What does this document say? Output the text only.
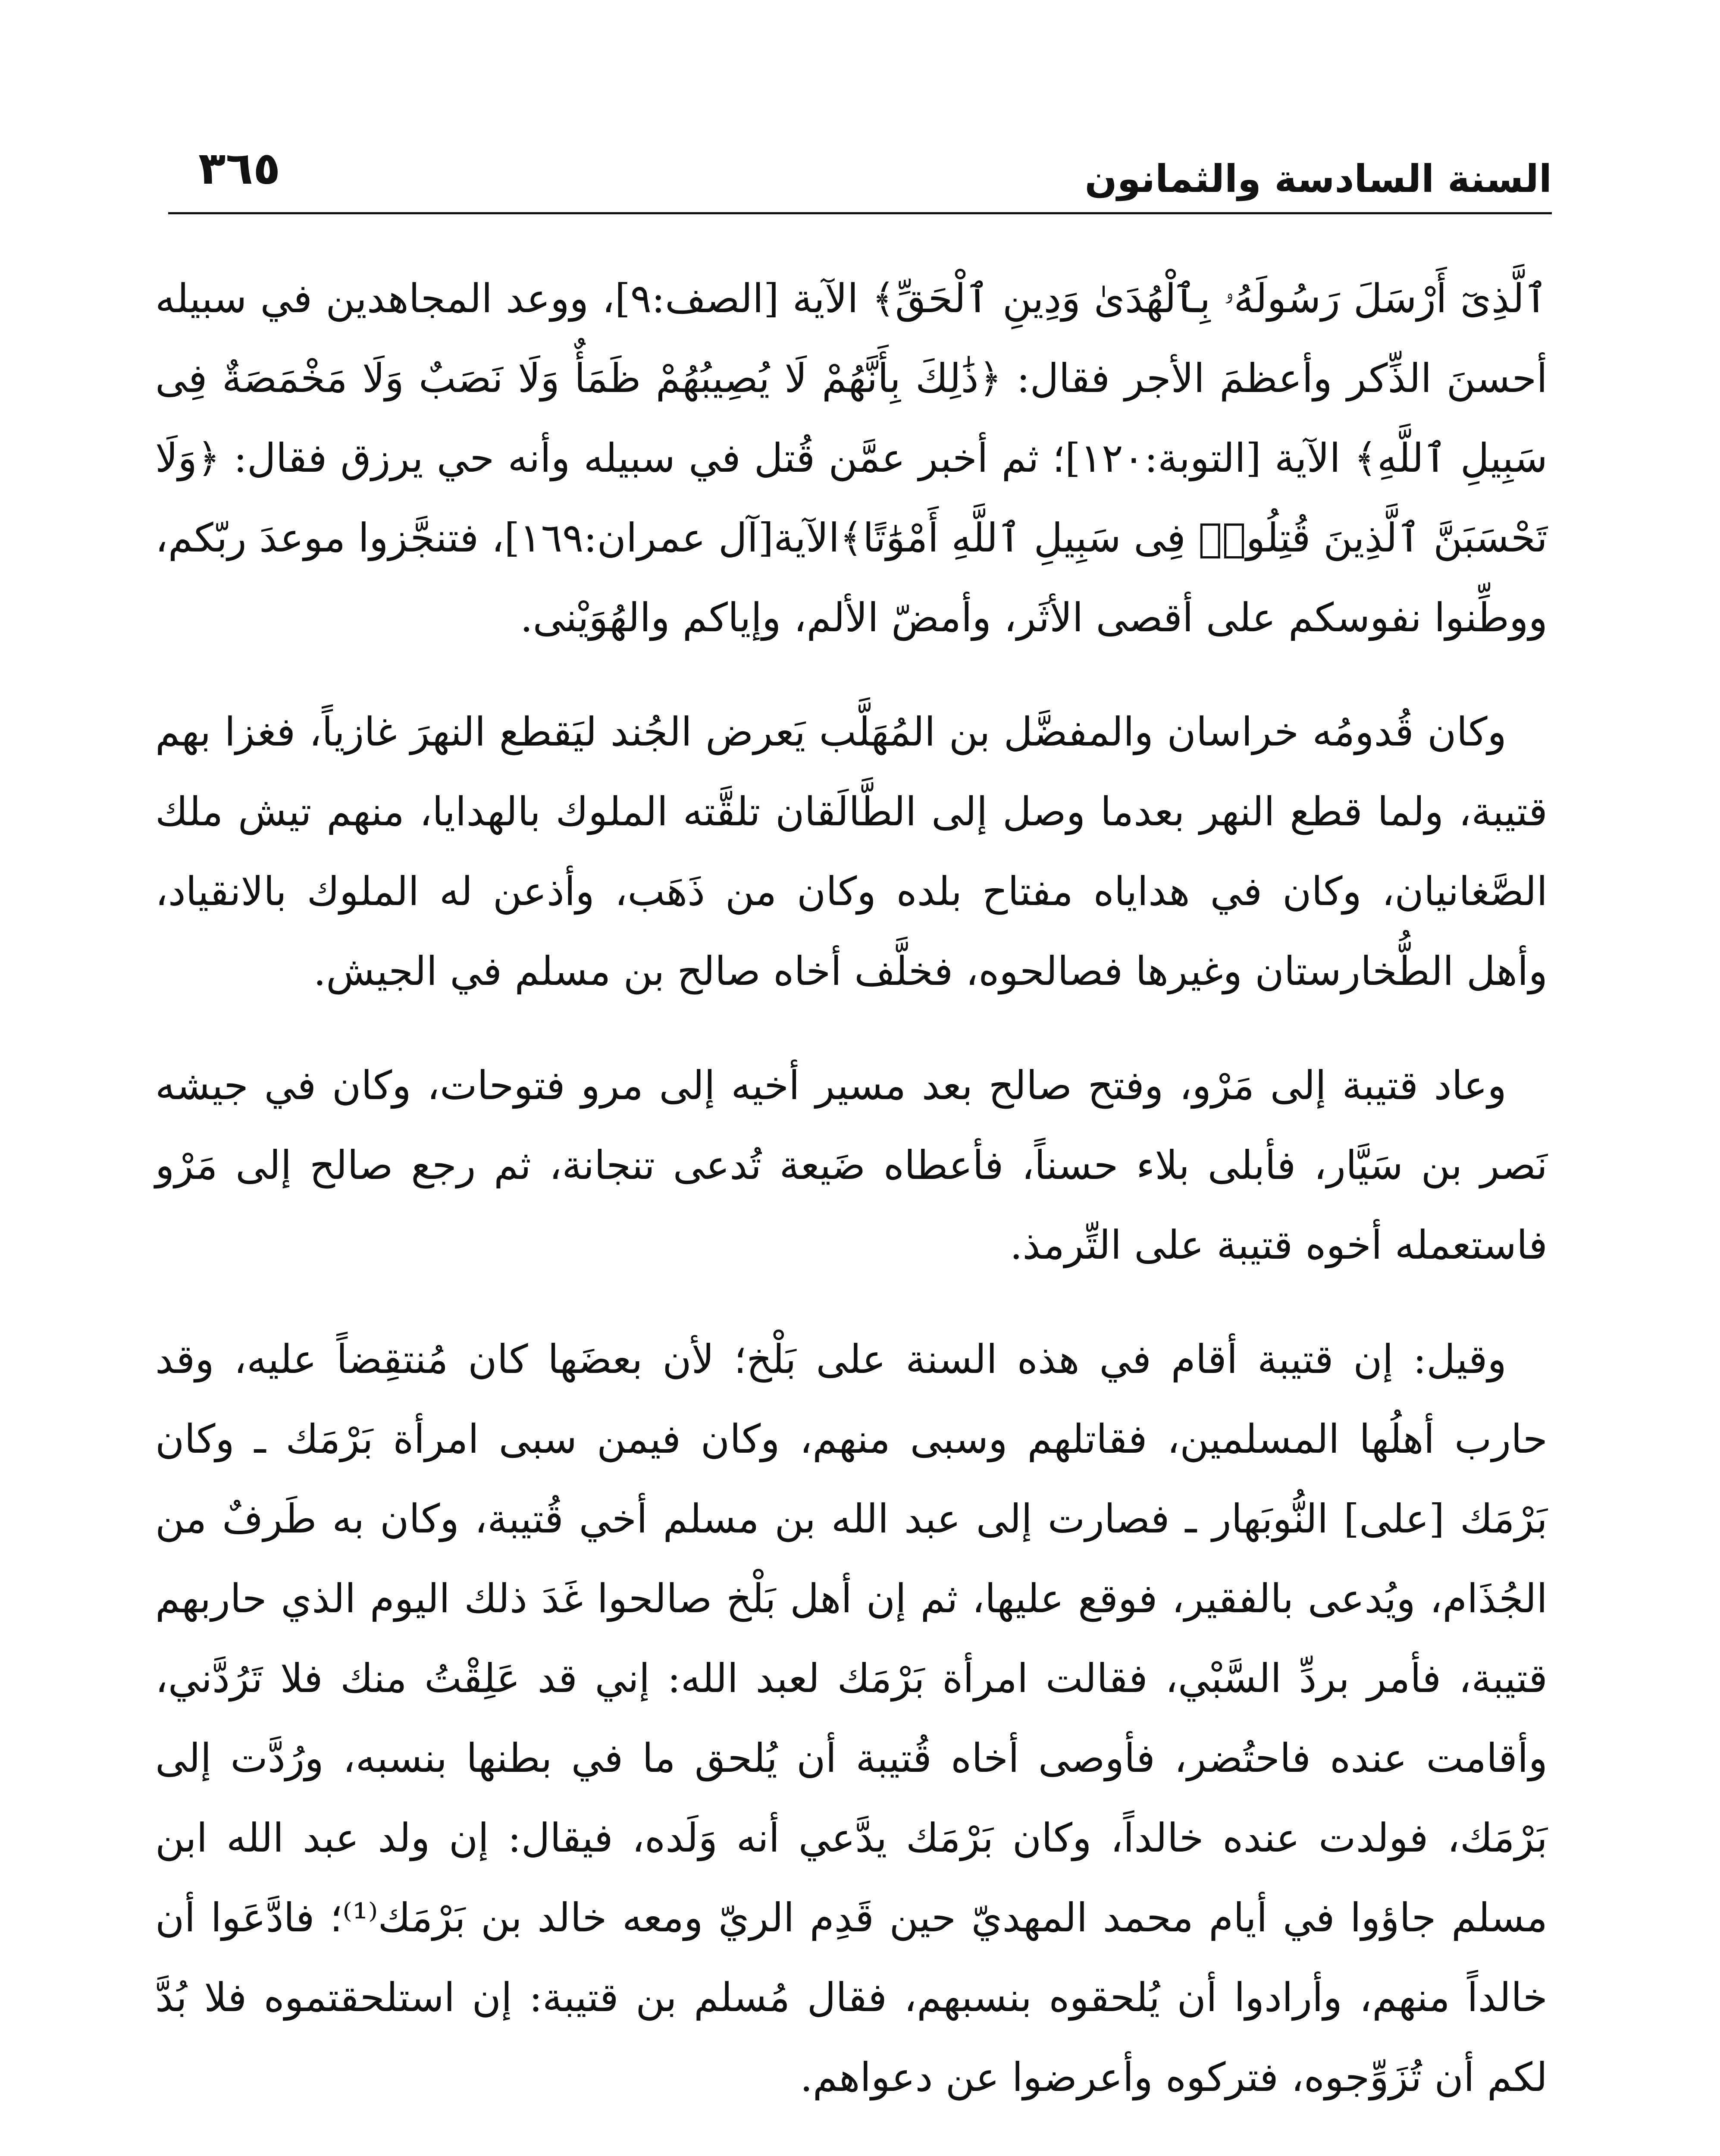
السنة السادسة والثمانون
٣٦٥

ٱلَّذِىٓ أَرْسَلَ رَسُولَهُۥ بِٱلْهُدَىٰ وَدِينِ ٱلْحَقِّ﴾ الآية [الصف:٩]، ووعد المجاهدين في سبيله أحسنَ الذِّكر وأعظمَ الأجر فقال: ﴿ذَٰلِكَ بِأَنَّهُمْ لَا يُصِيبُهُمْ ظَمَأٌ وَلَا نَصَبٌ وَلَا مَخْمَصَةٌ فِى سَبِيلِ ٱللَّهِ﴾ الآية [التوبة:١٢٠]؛ ثم أخبر عمَّن قُتل في سبيله وأنه حي يرزق فقال: ﴿وَلَا تَحْسَبَنَّ ٱلَّذِينَ قُتِلُوا۟ فِى سَبِيلِ ٱللَّهِ أَمْوَٰتًا﴾الآية[آل عمران:١٦٩]، فتنجَّزوا موعدَ ربّكم، ووطِّنوا نفوسكم على أقصى الأثَر، وأمضّ الألم، وإياكم والهُوَيْنى.

وكان قُدومُه خراسان والمفضَّل بن المُهَلَّب يَعرض الجُند ليَقطع النهرَ غازياً، فغزا بهم قتيبة، ولما قطع النهر بعدما وصل إلى الطَّالَقان تلقَّته الملوك بالهدايا، منهم تيش ملك الصَّغانيان، وكان في هداياه مفتاح بلده وكان من ذَهَب، وأذعن له الملوك بالانقياد، وأهل الطُّخارستان وغيرها فصالحوه، فخلَّف أخاه صالح بن مسلم في الجيش.

وعاد قتيبة إلى مَرْو، وفتح صالح بعد مسير أخيه إلى مرو فتوحات، وكان في جيشه نَصر بن سَيَّار، فأبلى بلاء حسناً، فأعطاه ضَيعة تُدعى تنجانة، ثم رجع صالح إلى مَرْو فاستعمله أخوه قتيبة على التِّرمذ.

وقيل: إن قتيبة أقام في هذه السنة على بَلْخ؛ لأن بعضَها كان مُنتقِضاً عليه، وقد حارب أهلُها المسلمين، فقاتلهم وسبى منهم، وكان فيمن سبى امرأة بَرْمَك ـ وكان بَرْمَك [على] النُّوبَهار ـ فصارت إلى عبد الله بن مسلم أخي قُتيبة، وكان به طَرفٌ من الجُذَام، ويُدعى بالفقير، فوقع عليها، ثم إن أهل بَلْخ صالحوا غَدَ ذلك اليوم الذي حاربهم قتيبة، فأمر بردِّ السَّبْي، فقالت امرأة بَرْمَك لعبد الله: إني قد عَلِقْتُ منك فلا تَرُدَّني، وأقامت عنده فاحتُضر، فأوصى أخاه قُتيبة أن يُلحق ما في بطنها بنسبه، ورُدَّت إلى بَرْمَك، فولدت عنده خالداً، وكان بَرْمَك يدَّعي أنه وَلَده، فيقال: إن ولد عبد الله ابن مسلم جاؤوا في أيام محمد المهديّ حين قَدِم الريّ ومعه خالد بن بَرْمَك⁽¹⁾؛ فادَّعَوا أن خالداً منهم، وأرادوا أن يُلحقوه بنسبهم، فقال مُسلم بن قتيبة: إن استلحقتموه فلا بُدَّ لكم أن تُزَوِّجوه، فتركوه وأعرضوا عن دعواهم.
